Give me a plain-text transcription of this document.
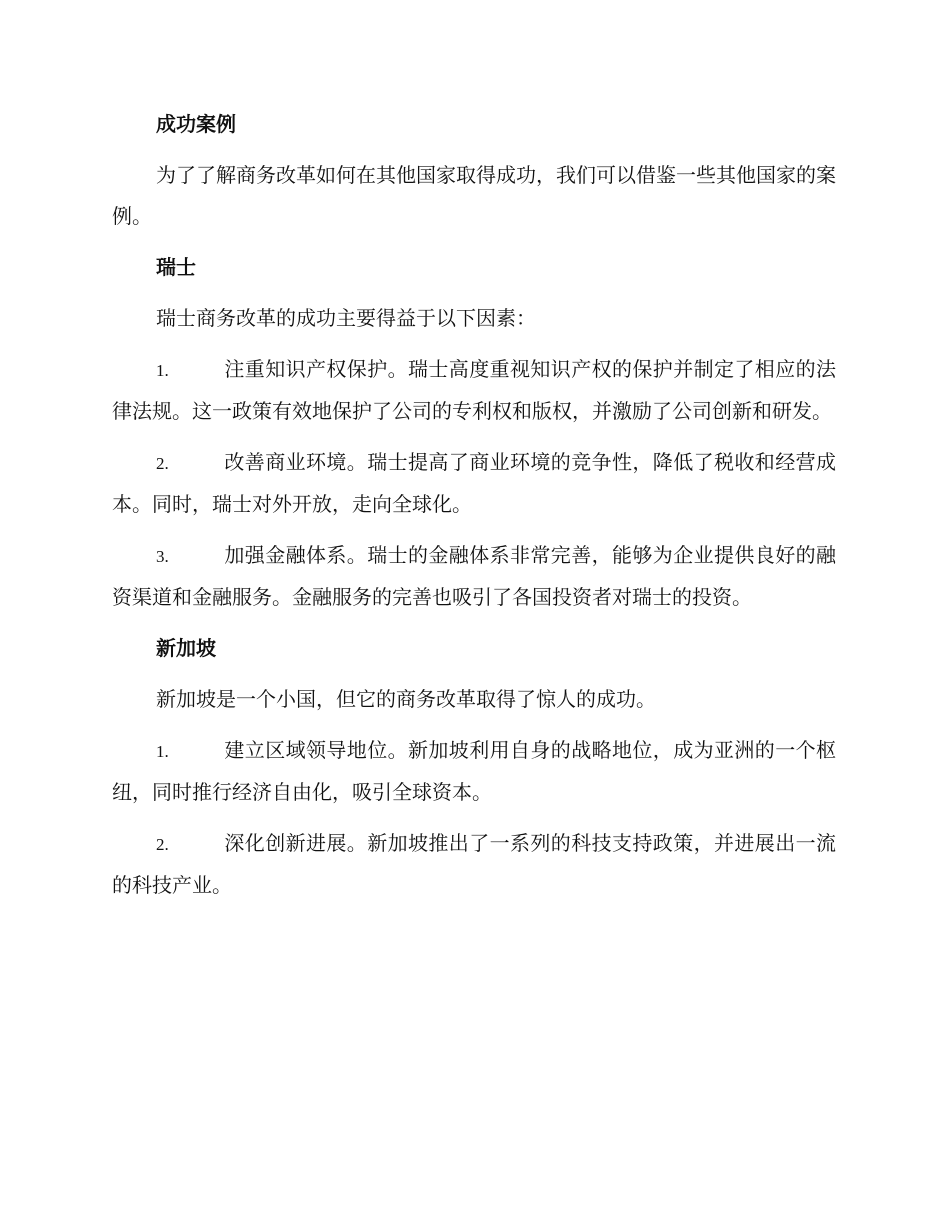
成功案例

为了了解商务改革如何在其他国家取得成功，我们可以借鉴一些其他国家的案例。

瑞士

瑞士商务改革的成功主要得益于以下因素：

1.	注重知识产权保护。瑞士高度重视知识产权的保护并制定了相应的法律法规。这一政策有效地保护了公司的专利权和版权，并激励了公司创新和研发。

2.	改善商业环境。瑞士提高了商业环境的竞争性，降低了税收和经营成本。同时，瑞士对外开放，走向全球化。

3.	加强金融体系。瑞士的金融体系非常完善，能够为企业提供良好的融资渠道和金融服务。金融服务的完善也吸引了各国投资者对瑞士的投资。

新加坡

新加坡是一个小国，但它的商务改革取得了惊人的成功。

1.	建立区域领导地位。新加坡利用自身的战略地位，成为亚洲的一个枢纽，同时推行经济自由化，吸引全球资本。

2.	深化创新进展。新加坡推出了一系列的科技支持政策，并进展出一流的科技产业。
